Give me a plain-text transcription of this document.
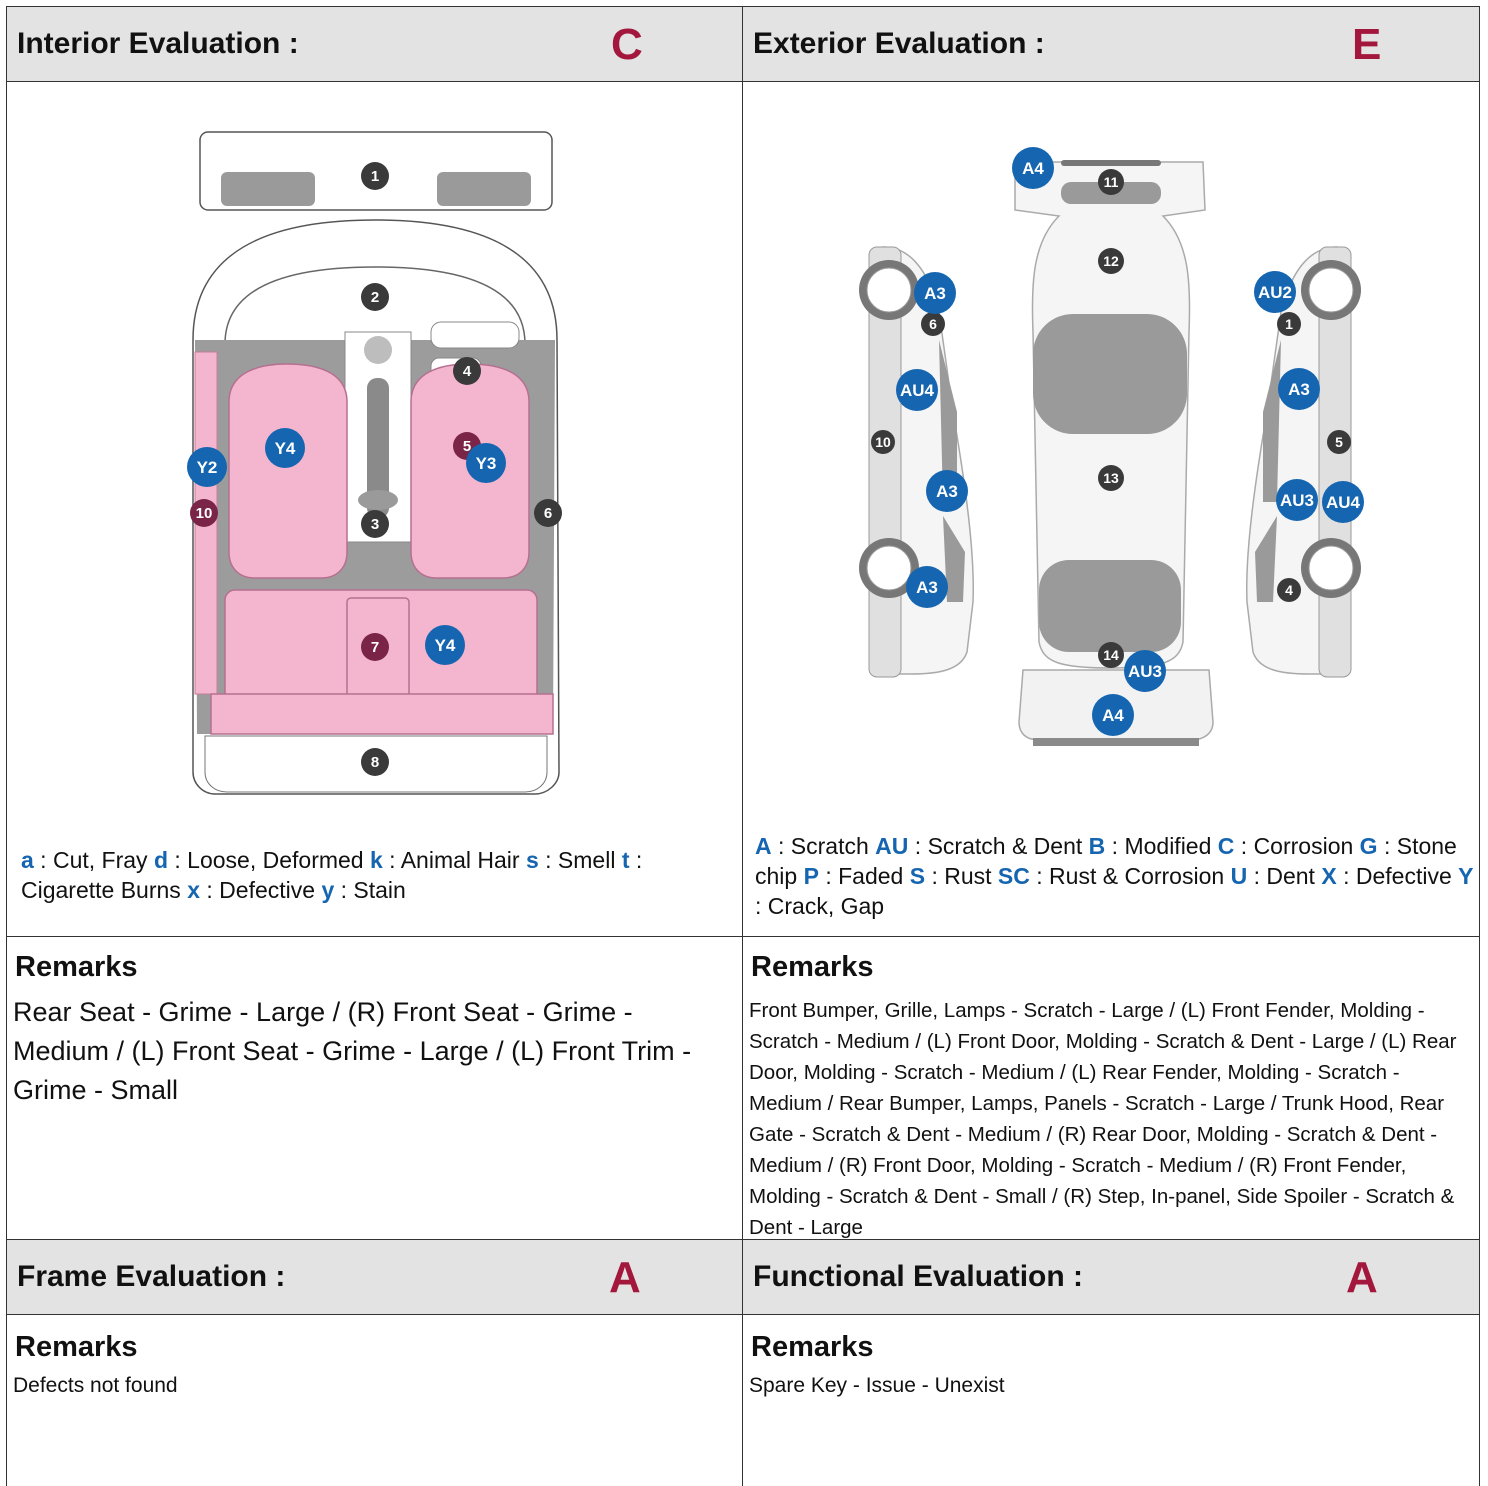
Interior Evaluation :	C	Exterior Evaluation :	E
1
2
3
4
5
6
7
8
10
Y4
Y3
Y2
Y4
a : Cut, Fray d : Loose, Deformed k : Animal Hair s : Smell t : Cigarette Burns x : Defective y : Stain
11
12
13
14
6
10
1
5
4
A4
A3
AU4
A3
A3
AU2
A3
AU3 AU4
AU3
A4
A : Scratch AU : Scratch & Dent B : Modified C : Corrosion G : Stone chip P : Faded S : Rust SC : Rust & Corrosion U : Dent X : Defective Y : Crack, Gap
Remarks
Rear Seat - Grime - Large / (R) Front Seat - Grime - Medium / (L) Front Seat - Grime - Large / (L) Front Trim - Grime - Small
Remarks
Front Bumper, Grille, Lamps - Scratch - Large / (L) Front Fender, Molding - Scratch - Medium / (L) Front Door, Molding - Scratch & Dent - Large / (L) Rear Door, Molding - Scratch - Medium / (L) Rear Fender, Molding - Scratch - Medium / Rear Bumper, Lamps, Panels - Scratch - Large / Trunk Hood, Rear Gate - Scratch & Dent - Medium / (R) Rear Door, Molding - Scratch & Dent - Medium / (R) Front Door, Molding - Scratch - Medium / (R) Front Fender, Molding - Scratch & Dent - Small / (R) Step, In-panel, Side Spoiler - Scratch & Dent - Large
Frame Evaluation :	A	Functional Evaluation :	A
Remarks
Defects not found
Remarks
Spare Key - Issue - Unexist
